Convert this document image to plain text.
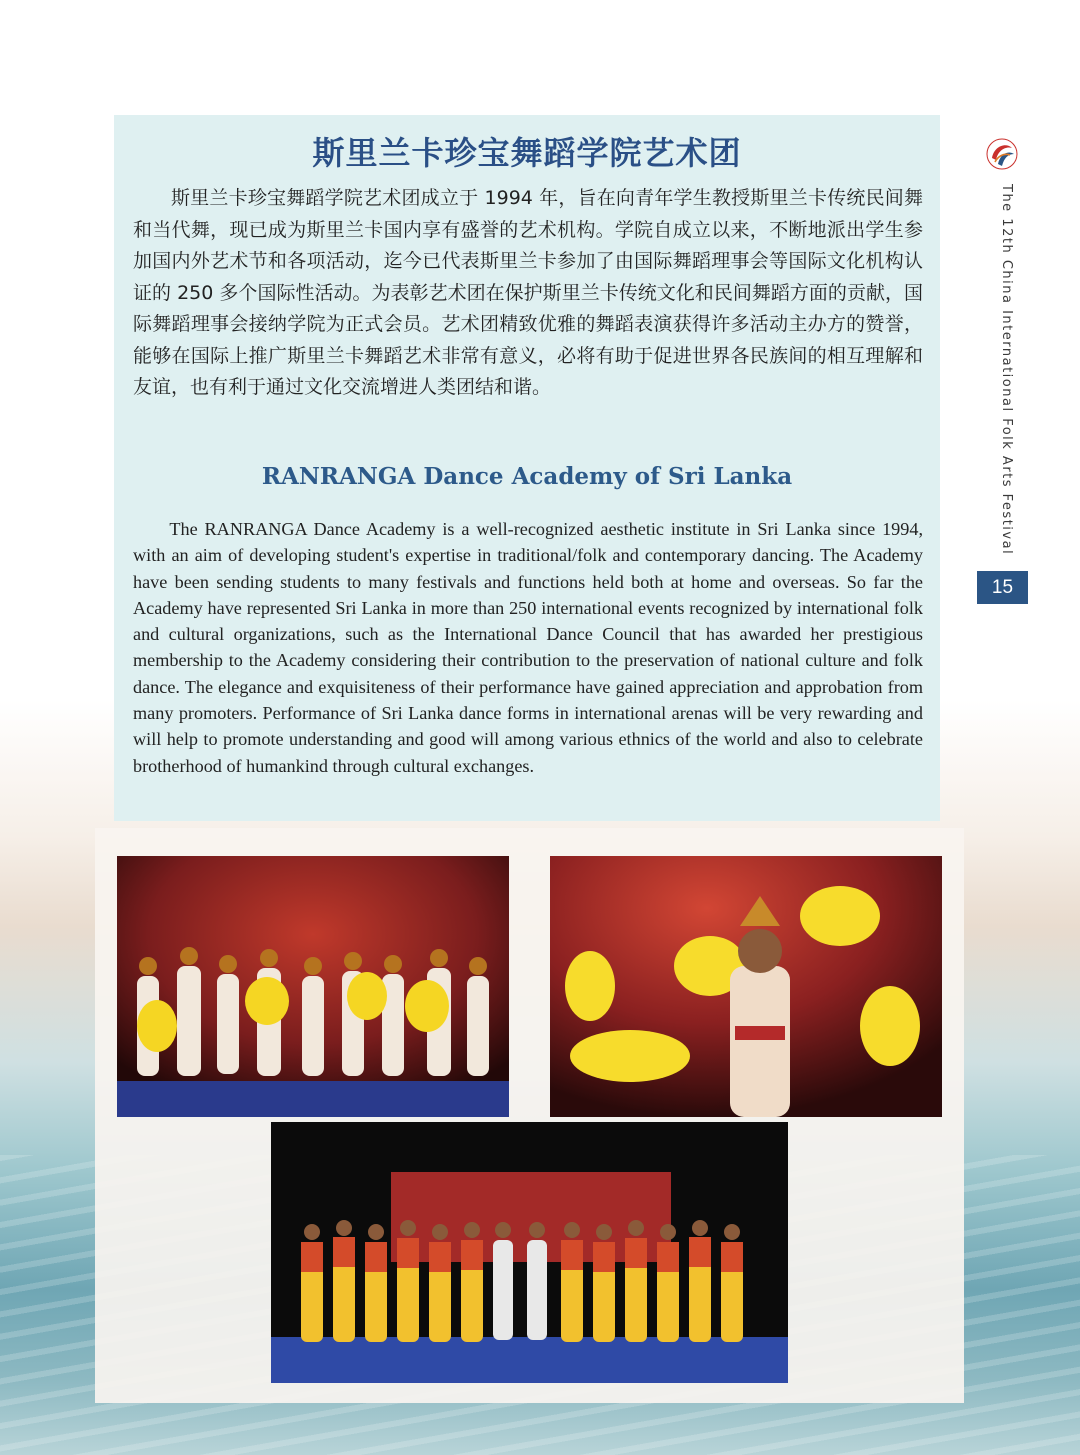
斯里兰卡珍宝舞蹈学院艺术团

斯里兰卡珍宝舞蹈学院艺术团成立于 1994 年，旨在向青年学生教授斯里兰卡传统民间舞和当代舞，现已成为斯里兰卡国内享有盛誉的艺术机构。学院自成立以来，不断地派出学生参加国内外艺术节和各项活动，迄今已代表斯里兰卡参加了由国际舞蹈理事会等国际文化机构认证的 250 多个国际性活动。为表彰艺术团在保护斯里兰卡传统文化和民间舞蹈方面的贡献，国际舞蹈理事会接纳学院为正式会员。艺术团精致优雅的舞蹈表演获得许多活动主办方的赞誉，能够在国际上推广斯里兰卡舞蹈艺术非常有意义，必将有助于促进世界各民族间的相互理解和友谊，也有利于通过文化交流增进人类团结和谐。

RANRANGA Dance Academy of Sri Lanka

The RANRANGA Dance Academy is a well-recognized aesthetic institute in Sri Lanka since 1994, with an aim of developing student's expertise in traditional/folk and contemporary dancing. The Academy have been sending students to many festivals and functions held both at home and overseas. So far the Academy have represented Sri Lanka in more than 250 international events recognized by international folk and cultural organizations, such as the International Dance Council that has awarded her prestigious membership to the Academy considering their contribution to the preservation of national culture and folk dance. The elegance and exquisiteness of their performance have gained appreciation and approbation from many promoters. Performance of Sri Lanka dance forms in international arenas will be very rewarding and will help to promote understanding and good will among various ethnics of the world and also to celebrate brotherhood of humankind through cultural exchanges.

The 12th China International Folk Arts Festival
15
